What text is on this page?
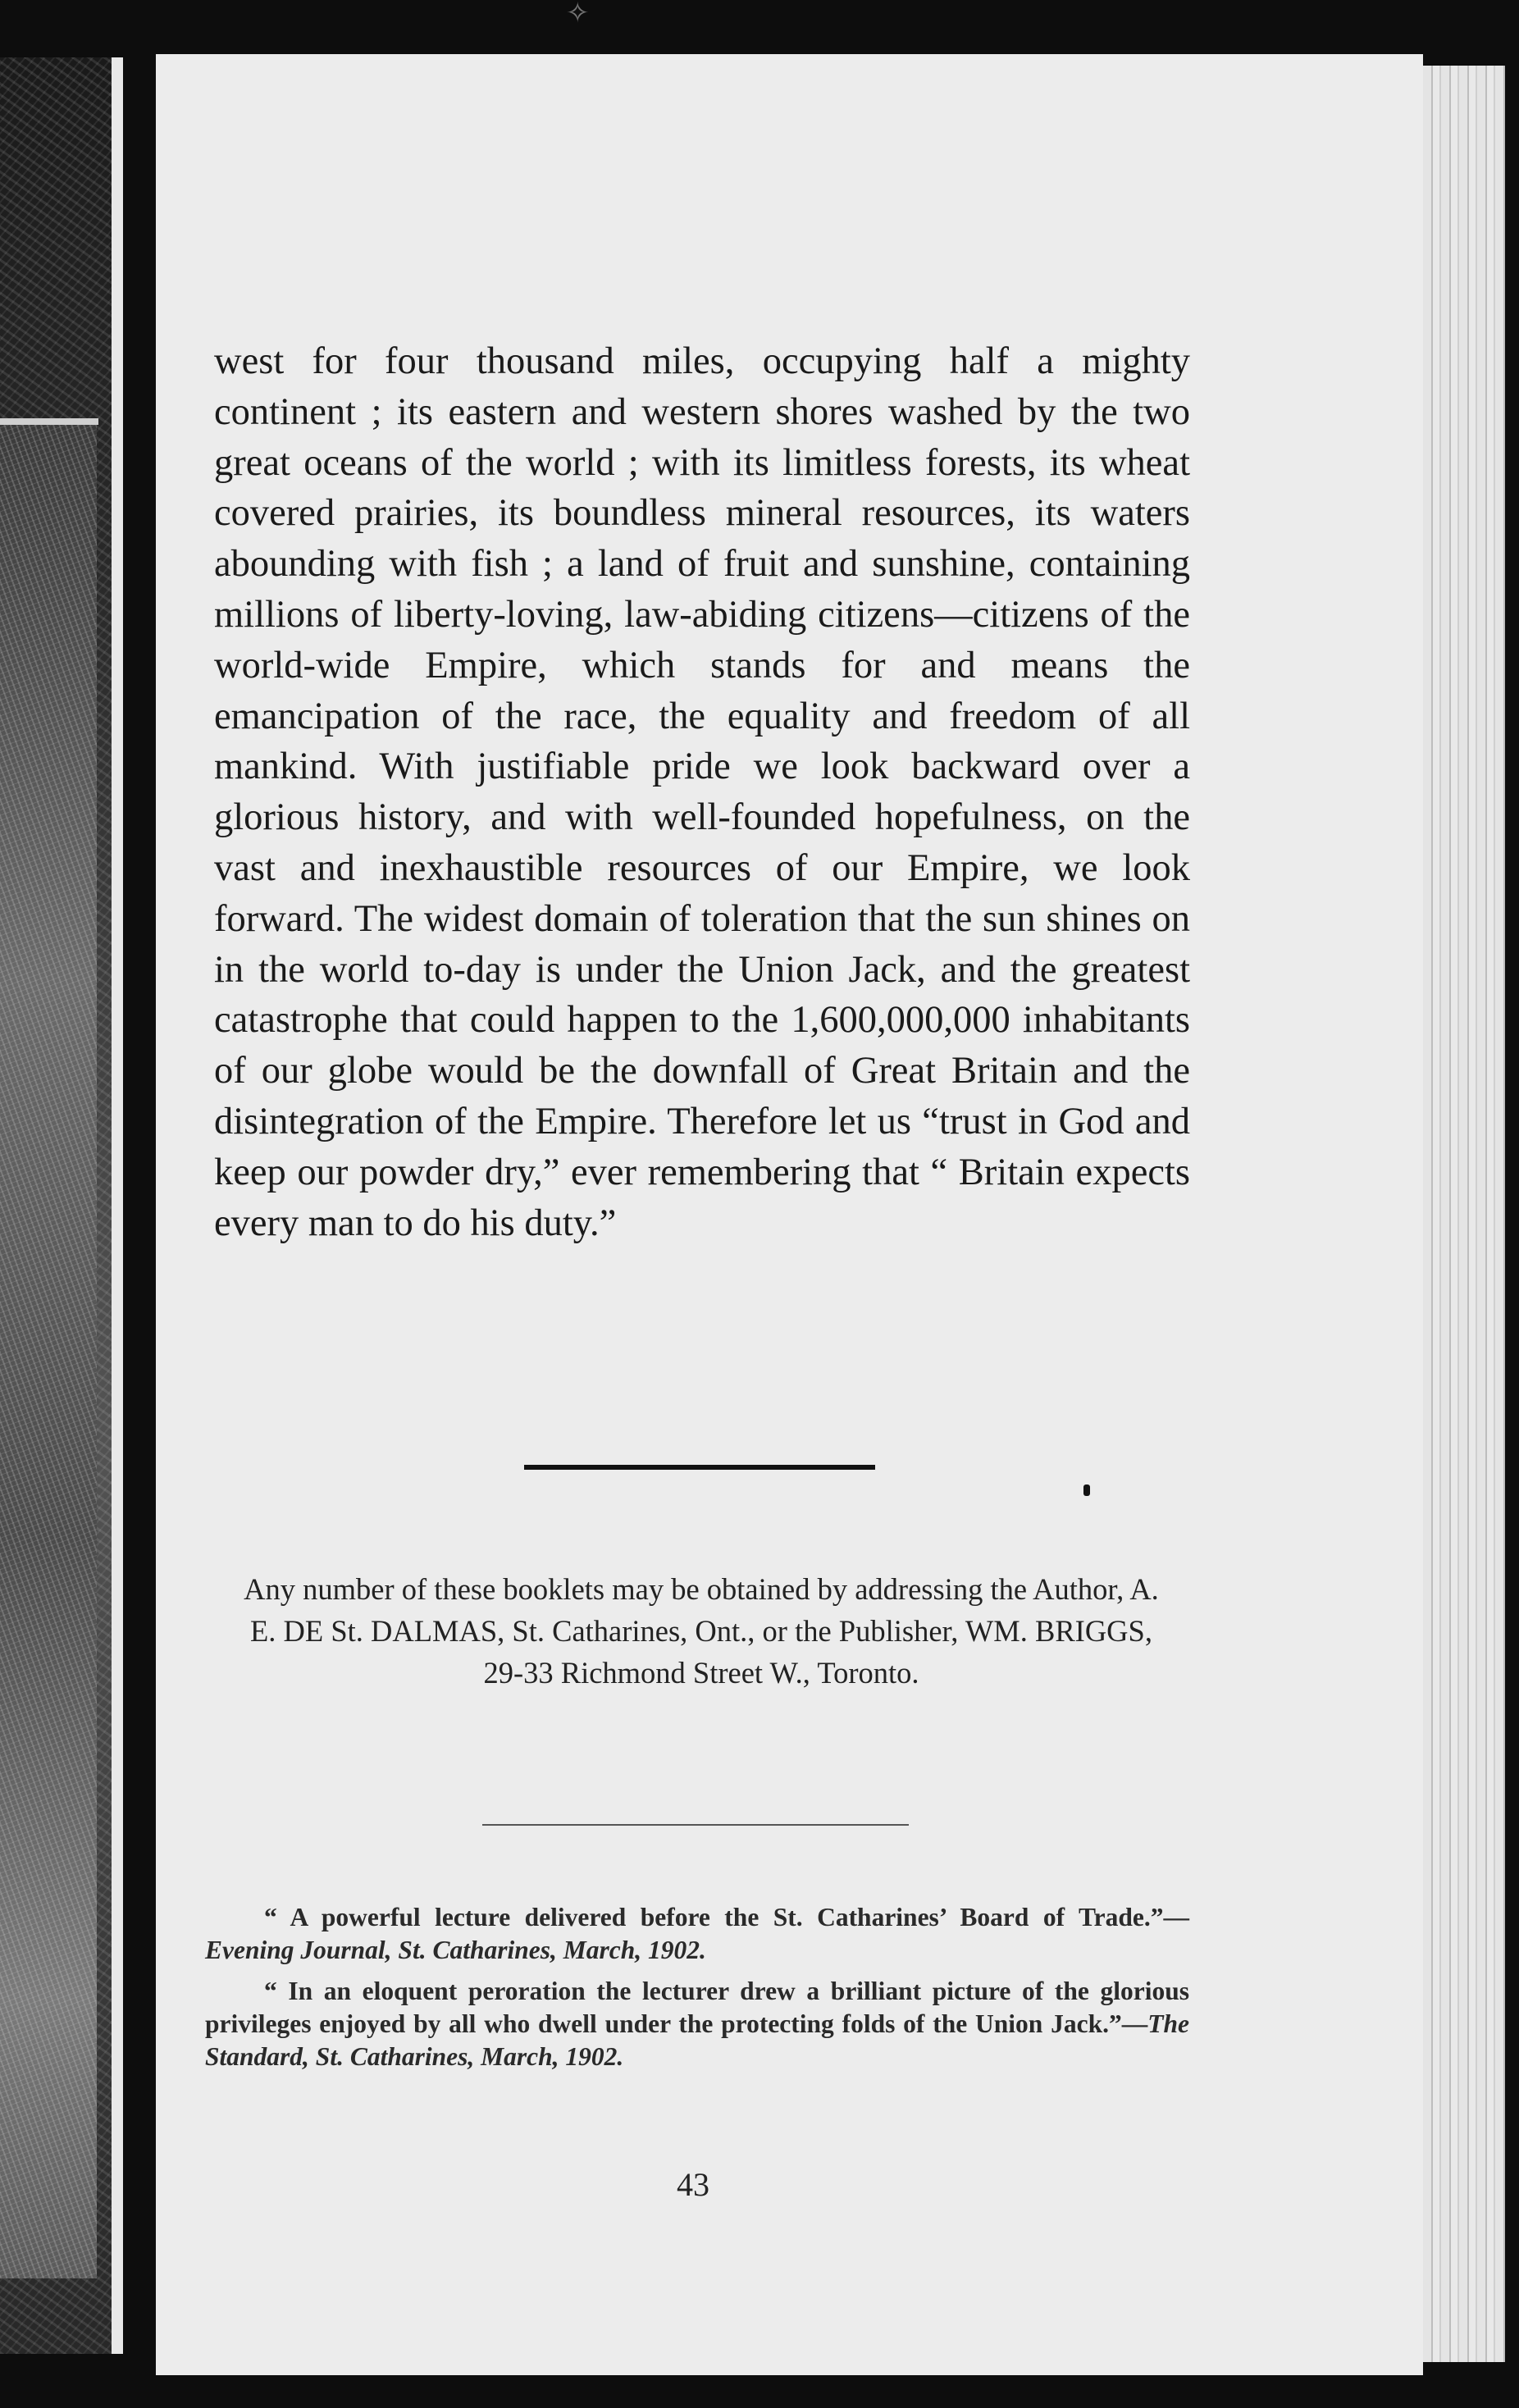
✧

west for four thousand miles, occupying half a mighty continent ; its eastern and western shores washed by the two great oceans of the world ; with its limitless forests, its wheat covered prairies, its boundless mineral resources, its waters abounding with fish ; a land of fruit and sunshine, containing millions of liberty-loving, law-abiding citizens—citizens of the world-wide Empire, which stands for and means the emancipation of the race, the equality and freedom of all mankind. With justifiable pride we look backward over a glorious history, and with well-founded hopefulness, on the vast and inexhaustible resources of our Empire, we look forward. The widest domain of toleration that the sun shines on in the world to-day is under the Union Jack, and the greatest catastrophe that could happen to the 1,600,000,000 inhabitants of our globe would be the downfall of Great Britain and the disintegration of the Empire. Therefore let us “trust in God and keep our powder dry,” ever remembering that “ Britain expects every man to do his duty.”

Any number of these booklets may be obtained by addressing the Author, A. E. DE St. DALMAS, St. Catharines, Ont., or the Publisher, WM. BRIGGS, 29-33 Richmond Street W., Toronto.

“ A powerful lecture delivered before the St. Catharines’ Board of Trade.”—Evening Journal, St. Catharines, March, 1902.

“ In an eloquent peroration the lecturer drew a brilliant picture of the glorious privileges enjoyed by all who dwell under the protecting folds of the Union Jack.”—The Standard, St. Catharines, March, 1902.

43
